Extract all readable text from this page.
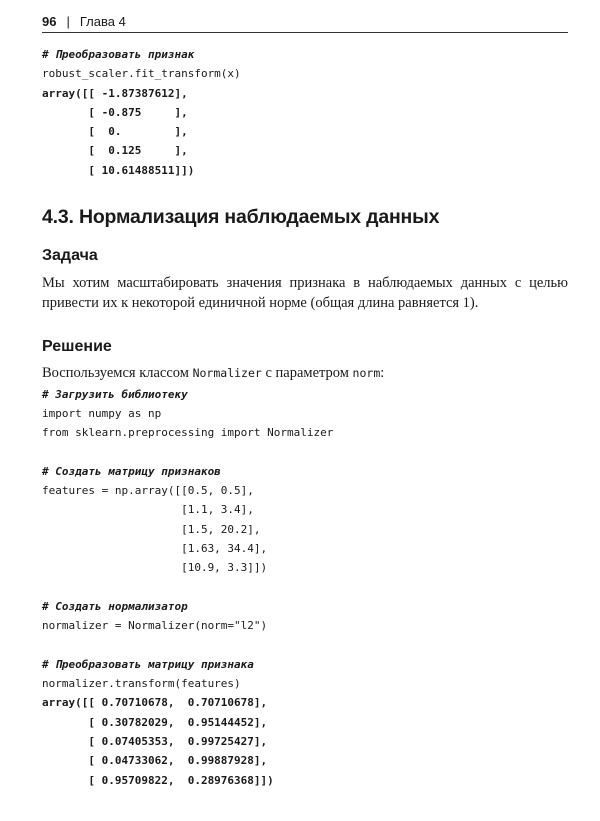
96 | Глава 4
# Преобразовать признак
robust_scaler.fit_transform(x)
array([[ -1.87387612],
[ -0.875     ],
[  0.        ],
[  0.125     ],
[ 10.61488511]])
4.3. Нормализация наблюдаемых данных
Задача

Мы хотим масштабировать значения признака в наблюдаемых данных с целью привести их к некоторой единичной норме (общая длина равняется 1).

Решение

Воспользуемся классом Normalizer с параметром norm:

# Загрузить библиотеку
import numpy as np
from sklearn.preprocessing import Normalizer

# Создать матрицу признаков
features = np.array([[0.5, 0.5],
[1.1, 3.4],
[1.5, 20.2],
[1.63, 34.4],
[10.9, 3.3]])

# Создать нормализатор
normalizer = Normalizer(norm="l2")

# Преобразовать матрицу признака
normalizer.transform(features)
array([[ 0.70710678,  0.70710678],
[ 0.30782029,  0.95144452],
[ 0.07405353,  0.99725427],
[ 0.04733062,  0.99887928],
[ 0.95709822,  0.28976368]])
